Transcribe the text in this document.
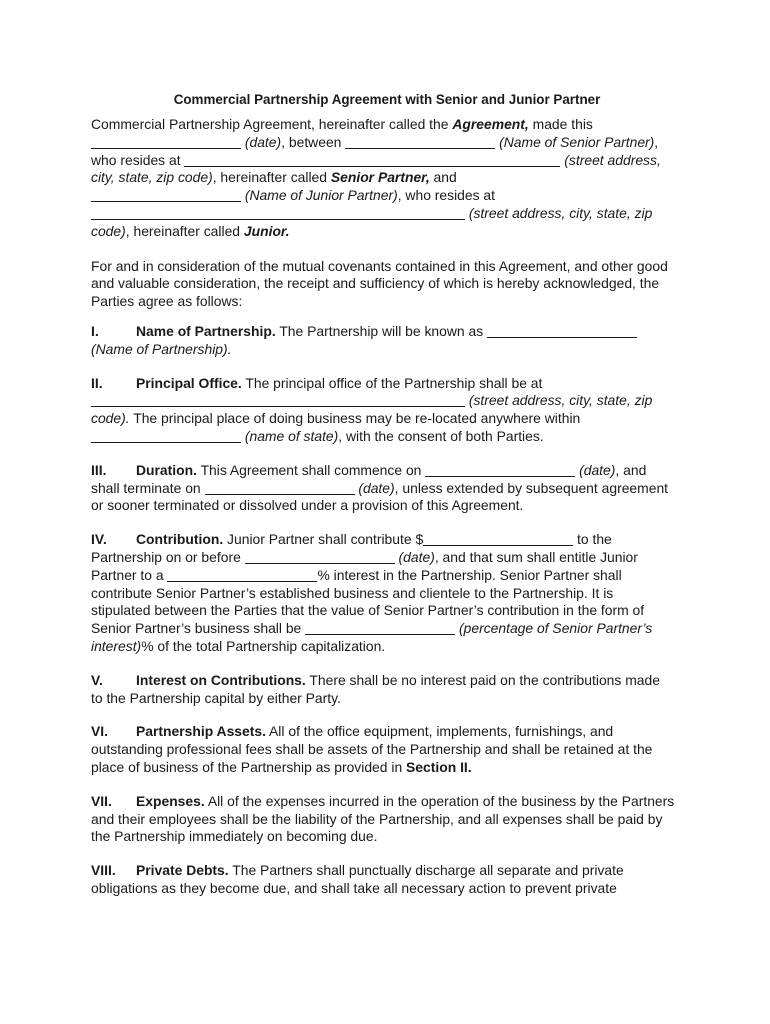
Commercial Partnership Agreement with Senior and Junior Partner

Commercial Partnership Agreement, hereinafter called the Agreement, made this
(date), between	(Name of Senior Partner), who resides at	(street address, city, state, zip code), hereinafter called Senior Partner, and
(Name of Junior Partner), who resides at
(street address, city, state, zip code), hereinafter called Junior.

For and in consideration of the mutual covenants contained in this Agreement, and other good and valuable consideration, the receipt and sufficiency of which is hereby acknowledged, the Parties agree as follows:

I.	Name of Partnership. The Partnership will be known as
(Name of Partnership).

II. Principal Office. The principal office of the Partnership shall be at
(street address, city, state, zip code). The principal place of doing business may be re-located anywhere within  (name of state), with the consent of both Parties.

III. Duration. This Agreement shall commence on	(date), and shall terminate on	(date), unless extended by subsequent agreement or sooner terminated or dissolved under a provision of this Agreement.

IV. Contribution. Junior Partner shall contribute $	to the Partnership on or before	(date), and that sum shall entitle Junior Partner to a	% interest in the Partnership. Senior Partner shall contribute Senior Partner’s established business and clientele to the Partnership. It is stipulated between the Parties that the value of Senior Partner’s contribution in the form of Senior Partner’s business shall be	(percentage of Senior Partner’s interest)% of the total Partnership capitalization.

V. Interest on Contributions. There shall be no interest paid on the contributions made to the Partnership capital by either Party.

VI. Partnership Assets. All of the office equipment, implements, furnishings, and outstanding professional fees shall be assets of the Partnership and shall be retained at the place of business of the Partnership as provided in Section II.

VII. Expenses. All of the expenses incurred in the operation of the business by the Partners and their employees shall be the liability of the Partnership, and all expenses shall be paid by the Partnership immediately on becoming due.

VIII. Private Debts. The Partners shall punctually discharge all separate and private obligations as they become due, and shall take all necessary action to prevent private
